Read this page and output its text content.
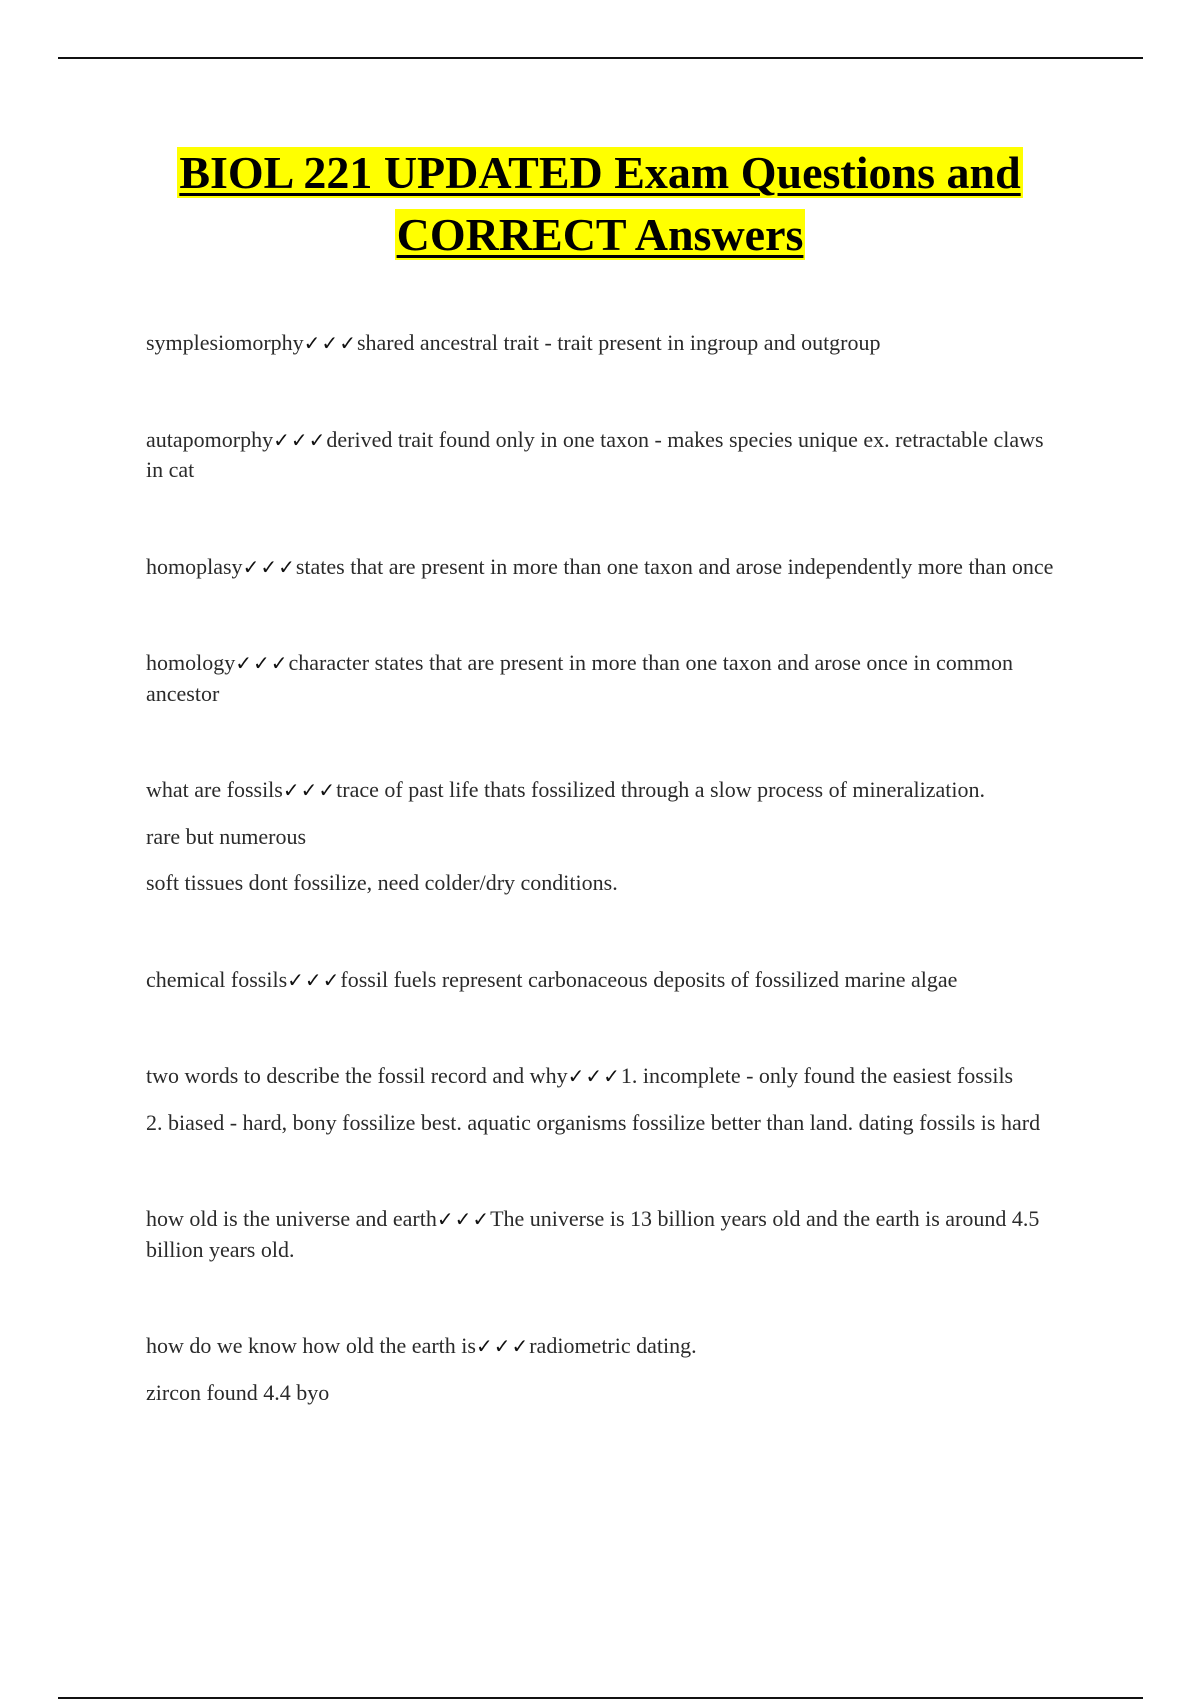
BIOL 221 UPDATED Exam Questions and
CORRECT Answers

symplesiomorphy✓✓✓shared ancestral trait - trait present in ingroup and outgroup

autapomorphy✓✓✓derived trait found only in one taxon - makes species unique ex. retractable claws in cat

homoplasy✓✓✓states that are present in more than one taxon and arose independently more than once

homology✓✓✓character states that are present in more than one taxon and arose once in common ancestor

what are fossils✓✓✓trace of past life thats fossilized through a slow process of mineralization.

rare but numerous

soft tissues dont fossilize, need colder/dry conditions.

chemical fossils✓✓✓fossil fuels represent carbonaceous deposits of fossilized marine algae

two words to describe the fossil record and why✓✓✓1. incomplete - only found the easiest fossils

2. biased - hard, bony fossilize best. aquatic organisms fossilize better than land. dating fossils is hard

how old is the universe and earth✓✓✓The universe is 13 billion years old and the earth is around 4.5 billion years old.

how do we know how old the earth is✓✓✓radiometric dating.

zircon found 4.4 byo
